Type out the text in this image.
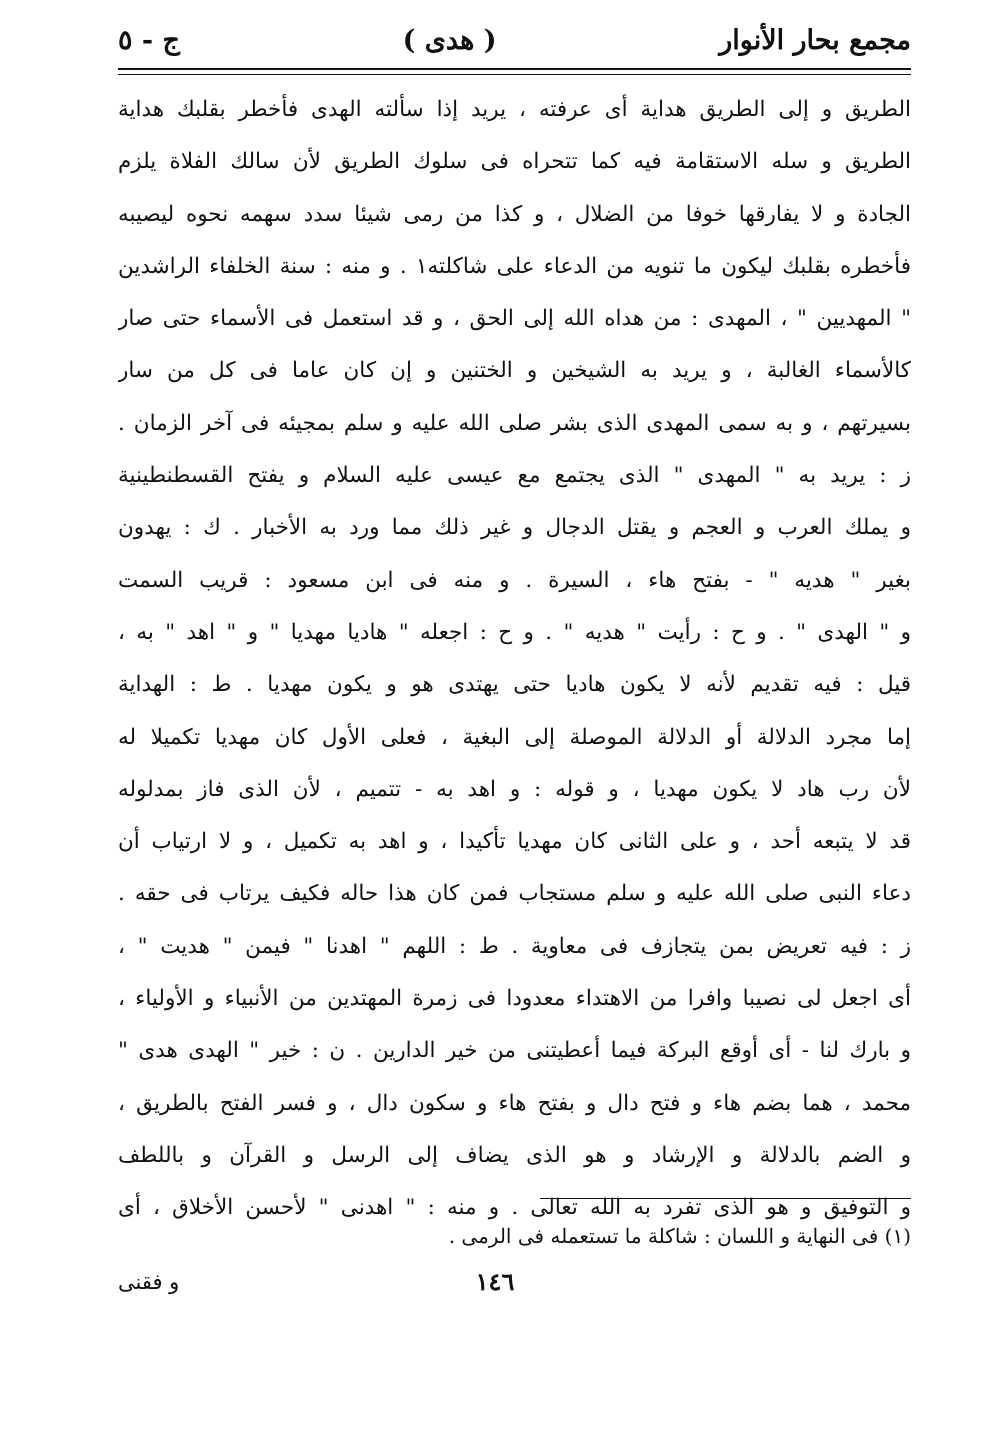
مجمع بحار الأنوار
( هدى )
ج - ٥
الطريق و إلى الطريق هداية أى عرفته ، يريد إذا سألته الهدى فأخطر بقلبك هداية
الطريق و سله الاستقامة فيه كما تتحراه فى سلوك الطريق لأن سالك الفلاة يلزم
الجادة و لا يفارقها خوفا من الضلال ، و كذا من رمى شيئا سدد سهمه نحوه ليصيبه
فأخطره بقلبك ليكون ما تنويه من الدعاء على شاكلته١ . و منه : سنة الخلفاء الراشدين
" المهديين " ، المهدى : من هداه الله إلى الحق ، و قد استعمل فى الأسماء حتى صار
كالأسماء الغالبة ، و يريد به الشيخين و الختنين و إن كان عاما فى كل من سار
بسيرتهم ، و به سمى المهدى الذى بشر صلى الله عليه و سلم بمجيئه فى آخر الزمان .
ز : يريد به " المهدى " الذى يجتمع مع عيسى عليه السلام و يفتح القسطنطينية
و يملك العرب و العجم و يقتل الدجال و غير ذلك مما ورد به الأخبار . ك : يهدون
بغير " هديه " - بفتح هاء ، السيرة . و منه فى ابن مسعود : قريب السمت
و " الهدى " . و ح : رأيت " هديه " . و ح : اجعله " هاديا مهديا " و " اهد " به ،
قيل : فيه تقديم لأنه لا يكون هاديا حتى يهتدى هو و يكون مهديا . ط : الهداية
إما مجرد الدلالة أو الدلالة الموصلة إلى البغية ، فعلى الأول كان مهديا تكميلا له
لأن رب هاد لا يكون مهديا ، و قوله : و اهد به - تتميم ، لأن الذى فاز بمدلوله
قد لا يتبعه أحد ، و على الثانى كان مهديا تأكيدا ، و اهد به تكميل ، و لا ارتياب أن
دعاء النبى صلى الله عليه و سلم مستجاب فمن كان هذا حاله فكيف يرتاب فى حقه .
ز : فيه تعريض بمن يتجازف فى معاوية . ط : اللهم " اهدنا " فيمن " هديت " ،
أى اجعل لى نصيبا وافرا من الاهتداء معدودا فى زمرة المهتدين من الأنبياء و الأولياء ،
و بارك لنا - أى أوقع البركة فيما أعطيتنى من خير الدارين . ن : خير " الهدى هدى "
محمد ، هما بضم هاء و فتح دال و بفتح هاء و سكون دال ، و فسر الفتح بالطريق ،
و الضم بالدلالة و الإرشاد و هو الذى يضاف إلى الرسل و القرآن و باللطف
و التوفيق و هو الذى تفرد به الله تعالى . و منه : " اهدنى " لأحسن الأخلاق ، أى
(١) فى النهاية و اللسان : شاكلة ما تستعمله فى الرمى .
و فقنى	١٤٦
